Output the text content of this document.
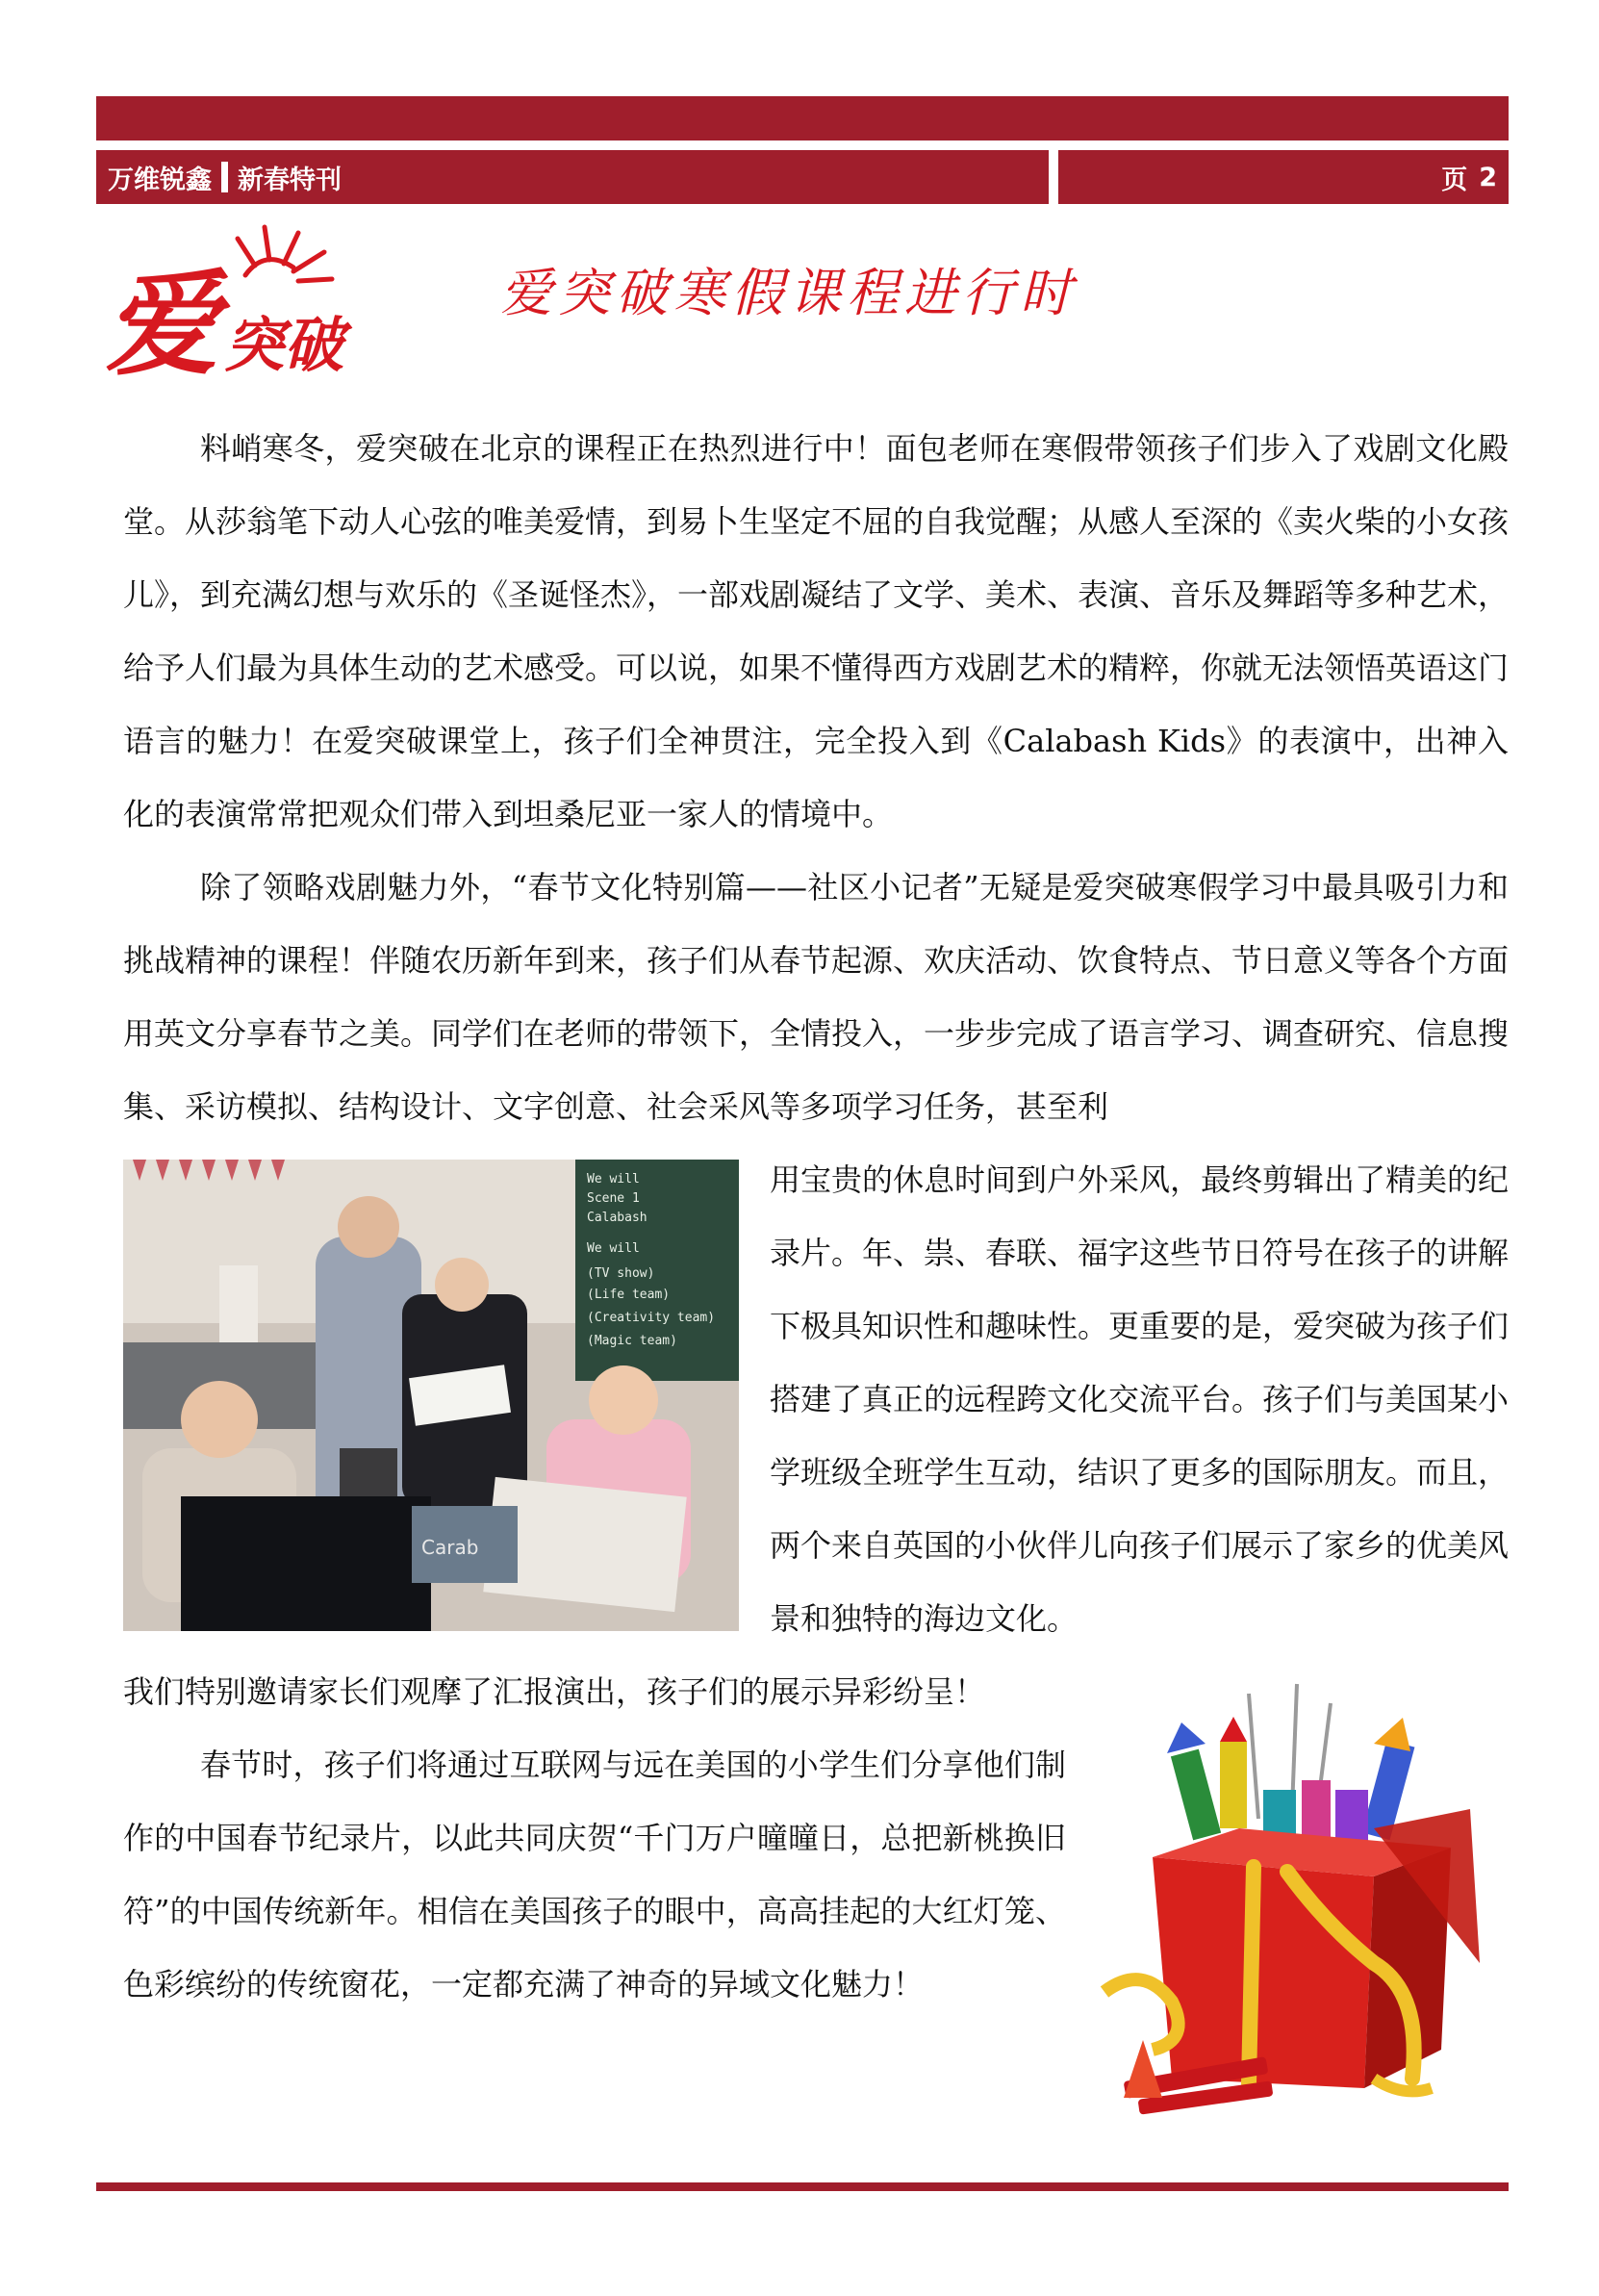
万维锐鑫 新春特刊	页 2
爱 突破
爱突破寒假课程进行时

料峭寒冬，爱突破在北京的课程正在热烈进行中！面包老师在寒假带领孩子们步入了戏剧文化殿堂。从莎翁笔下动人心弦的唯美爱情，到易卜生坚定不屈的自我觉醒；从感人至深的《卖火柴的小女孩儿》，到充满幻想与欢乐的《圣诞怪杰》，一部戏剧凝结了文学、美术、表演、音乐及舞蹈等多种艺术，给予人们最为具体生动的艺术感受。可以说，如果不懂得西方戏剧艺术的精粹，你就无法领悟英语这门语言的魅力！在爱突破课堂上，孩子们全神贯注，完全投入到《Calabash Kids》的表演中，出神入化的表演常常把观众们带入到坦桑尼亚一家人的情境中。

除了领略戏剧魅力外，“春节文化特别篇——社区小记者”无疑是爱突破寒假学习中最具吸引力和挑战精神的课程！伴随农历新年到来，孩子们从春节起源、欢庆活动、饮食特点、节日意义等各个方面用英文分享春节之美。同学们在老师的带领下，全情投入，一步步完成了语言学习、调查研究、信息搜集、采访模拟、结构设计、文字创意、社会采风等多项学习任务，甚至利

We will
Scene 1
Calabash
We will
(TV show)
(Life team)
(Creativity team)
(Magic team)
Carab

用宝贵的休息时间到户外采风，最终剪辑出了精美的纪录片。年、祟、春联、福字这些节日符号在孩子的讲解下极具知识性和趣味性。更重要的是，爱突破为孩子们搭建了真正的远程跨文化交流平台。孩子们与美国某小学班级全班学生互动，结识了更多的国际朋友。而且，两个来自英国的小伙伴儿向孩子们展示了家乡的优美风景和独特的海边文化。

我们特别邀请家长们观摩了汇报演出，孩子们的展示异彩纷呈！

春节时，孩子们将通过互联网与远在美国的小学生们分享他们制作的中国春节纪录片，以此共同庆贺“千门万户曈曈日，总把新桃换旧符”的中国传统新年。相信在美国孩子的眼中，高高挂起的大红灯笼、色彩缤纷的传统窗花，一定都充满了神奇的异域文化魅力！
